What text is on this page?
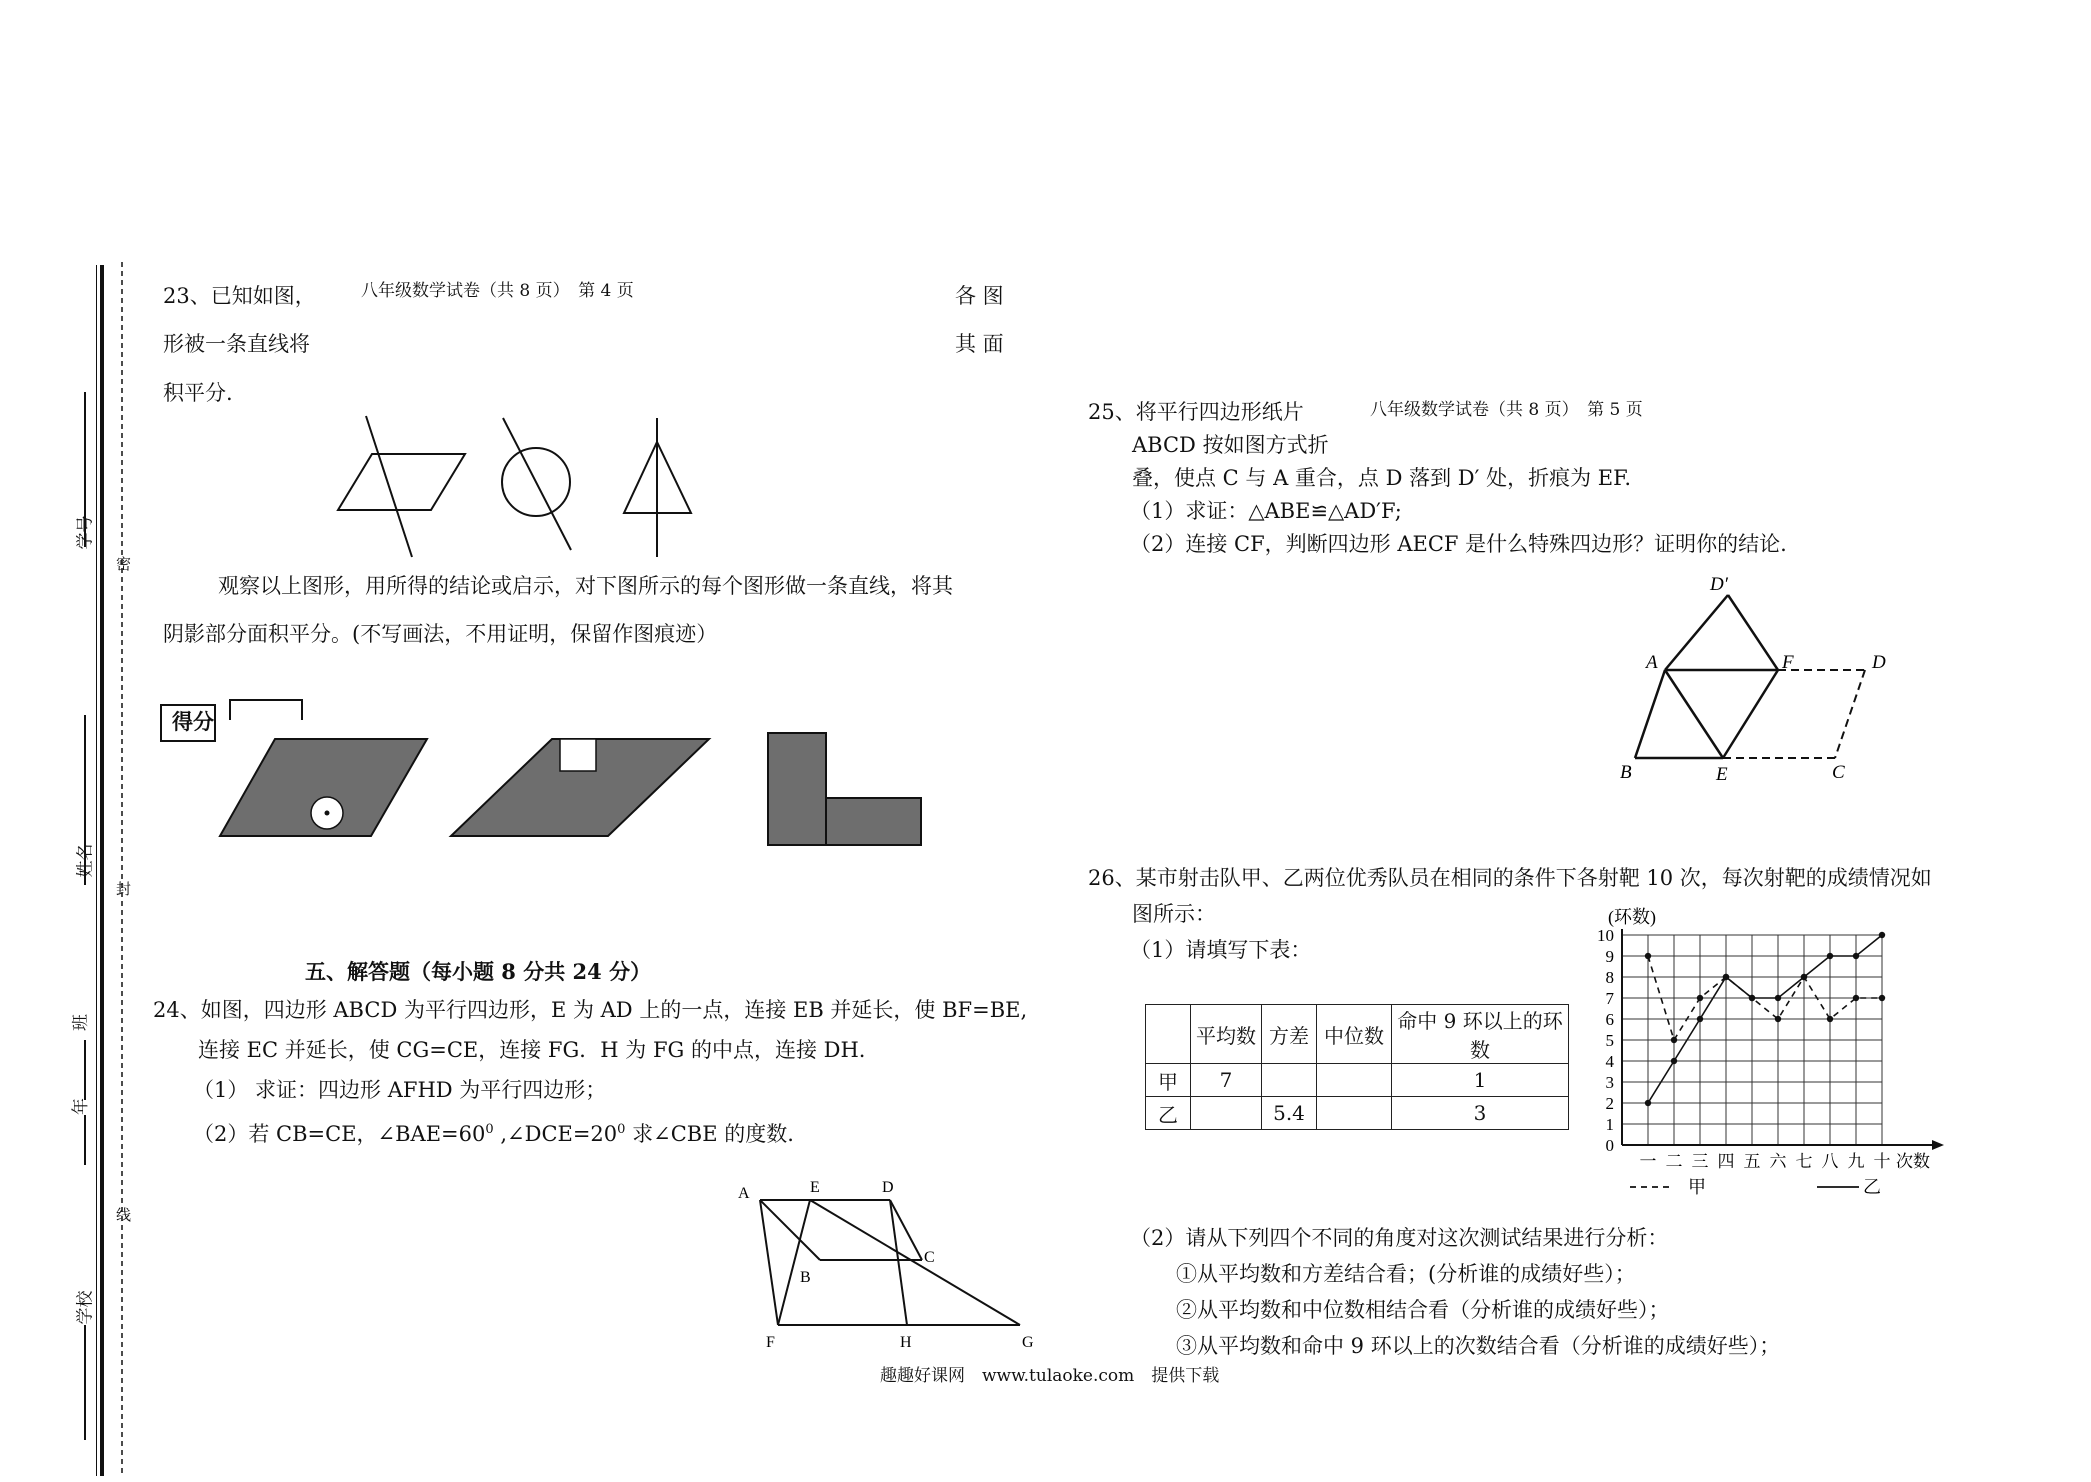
学号
姓名
班
年
学校
密
封
线
八年级数学试卷（共 8 页）　第 4 页
23、已知如图，	各 图
形被一条直线将	其 面
积平分.
观察以上图形，用所得的结论或启示，对下图所示的每个图形做一条直线，将其
阴影部分面积平分。(不写画法，不用证明，保留作图痕迹）
得分
五、解答题（每小题 8 分共 24 分）
24、如图，四边形 ABCD 为平行四边形，E 为 AD 上的一点，连接 EB 并延长，使 BF=BE,
连接 EC 并延长，使 CG=CE，连接 FG．H 为 FG 的中点，连接 DH.
（1） 求证：四边形 AFHD 为平行四边形；
（2）若 CB=CE，$\angle BAE=60^0$ $,\angle DCE=20^0$ 求∠CBE 的度数.
A	E	D
B
C
F	H	G
25、将平行四边形纸片	八年级数学试卷（共 8 页）　第 5 页
ABCD 按如图方式折
叠，使点 C 与 A 重合，点 D 落到 D′ 处，折痕为 EF.
（1）求证：△ABE≌△AD′F;
（2）连接 CF，判断四边形 AECF 是什么特殊四边形？证明你的结论.
D′
A	F	D
B	E	C
26、某市射击队甲、乙两位优秀队员在相同的条件下各射靶 10 次，每次射靶的成绩情况如
图所示：
（1）请填写下表：
	平均数	方差	中位数	命中 9 环以上的环数
甲	7			1
乙		5.4		3
0
1
2
3
4
5
6
7
8
9
10
一 二 三 四 五 六 七 八 九 十
(环数)
次数
甲	乙
（2）请从下列四个不同的角度对这次测试结果进行分析：
①从平均数和方差结合看；(分析谁的成绩好些）；
②从平均数和中位数相结合看（分析谁的成绩好些）；
③从平均数和命中 9 环以上的次数结合看（分析谁的成绩好些）；
趣趣好课网　www.tulaoke.com　提供下载
